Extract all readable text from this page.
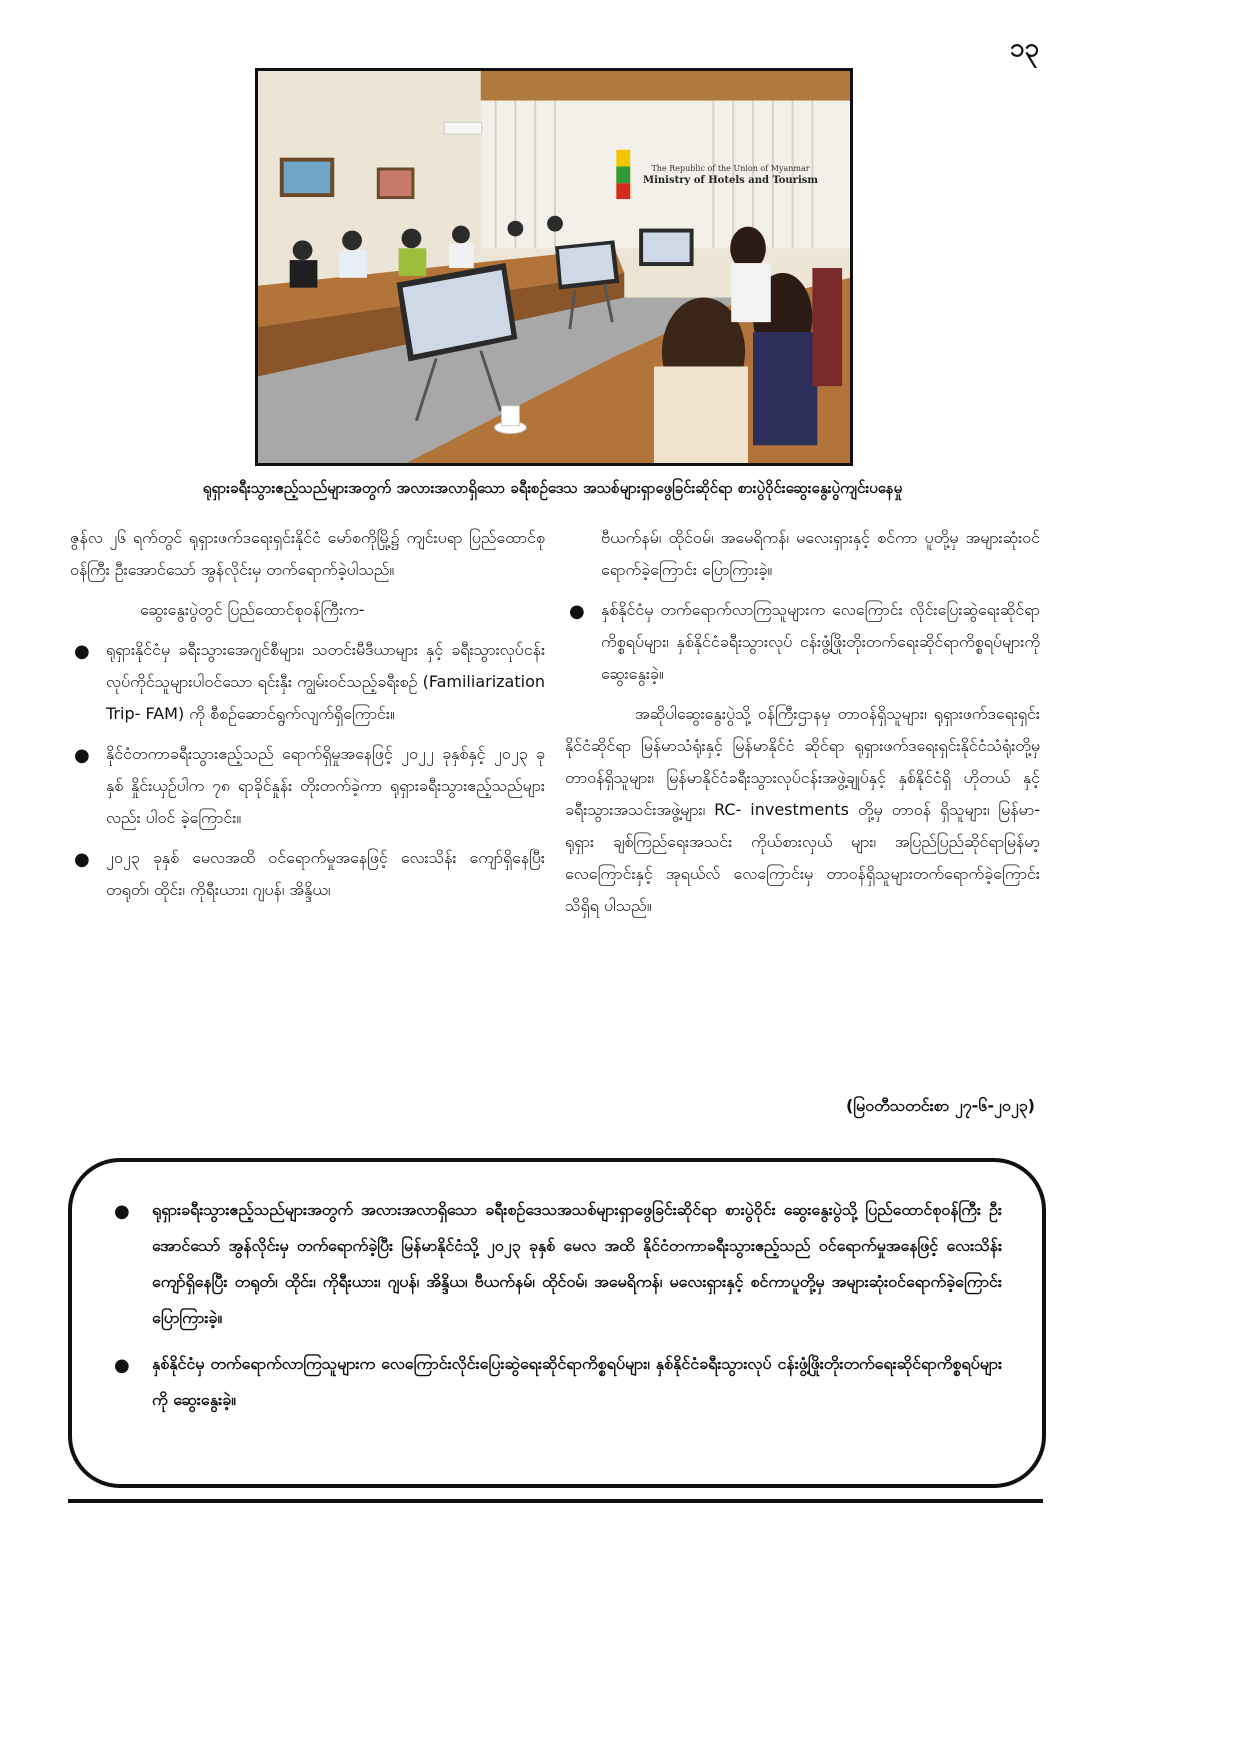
၁၃
The Republic of the Union of Myanmar
Ministry of Hotels and Tourism
ရုရှားခရီးသွားဧည့်သည်များအတွက် အလားအလာရှိသော ခရီးစဉ်ဒေသ အသစ်များရှာဖွေခြင်းဆိုင်ရာ စားပွဲဝိုင်းဆွေးနွေးပွဲကျင်းပနေမှု

ဇွန်လ ၂၆ ရက်တွင် ရုရှားဖက်ဒရေးရှင်းနိုင်ငံ မော်စကိုမြို့၌ ကျင်းပရာ ပြည်ထောင်စုဝန်ကြီး ဦးအောင်သော် အွန်လိုင်းမှ တက်ရောက်ခဲ့ပါသည်။

ဆွေးနွေးပွဲတွင် ပြည်ထောင်စုဝန်ကြီးက-

● ရုရှားနိုင်ငံမှ ခရီးသွားအေဂျင်စီများ၊ သတင်းမီဒီယာများ နှင့် ခရီးသွားလုပ်ငန်းလုပ်ကိုင်သူများပါဝင်သော ရင်းနှီး ကျွမ်းဝင်သည့်ခရီးစဉ် (Familiarization Trip- FAM) ကို စီစဉ်ဆောင်ရွက်လျက်ရှိကြောင်း။
● နိုင်ငံတကာခရီးသွားဧည့်သည် ရောက်ရှိမှုအနေဖြင့် ၂၀၂၂ ခုနှစ်နှင့် ၂၀၂၃ ခုနှစ် နှိုင်းယှဉ်ပါက ၇၈ ရာခိုင်နှုန်း တိုးတက်ခဲ့ကာ ရုရှားခရီးသွားဧည့်သည်များလည်း ပါဝင် ခဲ့ကြောင်း။
● ၂၀၂၃ ခုနှစ် မေလအထိ ဝင်ရောက်မှုအနေဖြင့် လေးသိန်း ကျော်ရှိနေပြီး တရုတ်၊ ထိုင်း၊ ကိုရီးယား၊ ဂျပန်၊ အိန္ဒိယ၊

ဗီယက်နမ်၊ ထိုင်ဝမ်၊ အမေရိကန်၊ မလေးရှားနှင့် စင်ကာ ပူတို့မှ အများဆုံးဝင်ရောက်ခဲ့ကြောင်း ပြောကြားခဲ့။

● နှစ်နိုင်ငံမှ တက်ရောက်လာကြသူများက လေကြောင်း လိုင်းပြေးဆွဲရေးဆိုင်ရာ ကိစ္စရပ်များ၊ နှစ်နိုင်ငံခရီးသွားလုပ် ငန်းဖွံ့ဖြိုးတိုးတက်ရေးဆိုင်ရာကိစ္စရပ်များကို ဆွေးနွေးခဲ့။

အဆိုပါဆွေးနွေးပွဲသို့ ဝန်ကြီးဌာနမှ တာဝန်ရှိသူများ၊ ရုရှားဖက်ဒရေးရှင်းနိုင်ငံဆိုင်ရာ မြန်မာသံရုံးနှင့် မြန်မာနိုင်ငံ ဆိုင်ရာ ရုရှားဖက်ဒရေးရှင်းနိုင်ငံသံရုံးတို့မှ တာဝန်ရှိသူများ၊ မြန်မာနိုင်ငံခရီးသွားလုပ်ငန်းအဖွဲ့ချုပ်နှင့် နှစ်နိုင်ငံရှိ ဟိုတယ် နှင့် ခရီးသွားအသင်းအဖွဲ့များ၊ RC- investments တို့မှ တာဝန် ရှိသူများ၊ မြန်မာ- ရုရှား ချစ်ကြည်ရေးအသင်း ကိုယ်စားလှယ် များ၊ အပြည်ပြည်ဆိုင်ရာမြန်မာ့လေကြောင်းနှင့် အုရယ်လ် လေကြောင်းမှ တာဝန်ရှိသူများတက်ရောက်ခဲ့ကြောင်း သိရှိရ ပါသည်။

(မြဝတီသတင်းစာ ၂၇-၆-၂၀၂၃)
● ရုရှားခရီးသွားဧည့်သည်များအတွက် အလားအလာရှိသော ခရီးစဉ်ဒေသအသစ်များရှာဖွေခြင်းဆိုင်ရာ စားပွဲဝိုင်း ဆွေးနွေးပွဲသို့ ပြည်ထောင်စုဝန်ကြီး ဦးအောင်သော် အွန်လိုင်းမှ တက်ရောက်ခဲ့ပြီး မြန်မာနိုင်ငံသို့ ၂၀၂၃ ခုနှစ် မေလ အထိ နိုင်ငံတကာခရီးသွားဧည့်သည် ဝင်ရောက်မှုအနေဖြင့် လေးသိန်းကျော်ရှိနေပြီး တရုတ်၊ ထိုင်း၊ ကိုရီးယား၊ ဂျပန်၊ အိန္ဒိယ၊ ဗီယက်နမ်၊ ထိုင်ဝမ်၊ အမေရိကန်၊ မလေးရှားနှင့် စင်ကာပူတို့မှ အများဆုံးဝင်ရောက်ခဲ့ကြောင်း ပြောကြားခဲ့။
● နှစ်နိုင်ငံမှ တက်ရောက်လာကြသူများက လေကြောင်းလိုင်းပြေးဆွဲရေးဆိုင်ရာကိစ္စရပ်များ၊ နှစ်နိုင်ငံခရီးသွားလုပ် ငန်းဖွံ့ဖြိုးတိုးတက်ရေးဆိုင်ရာကိစ္စရပ်များကို ဆွေးနွေးခဲ့။
